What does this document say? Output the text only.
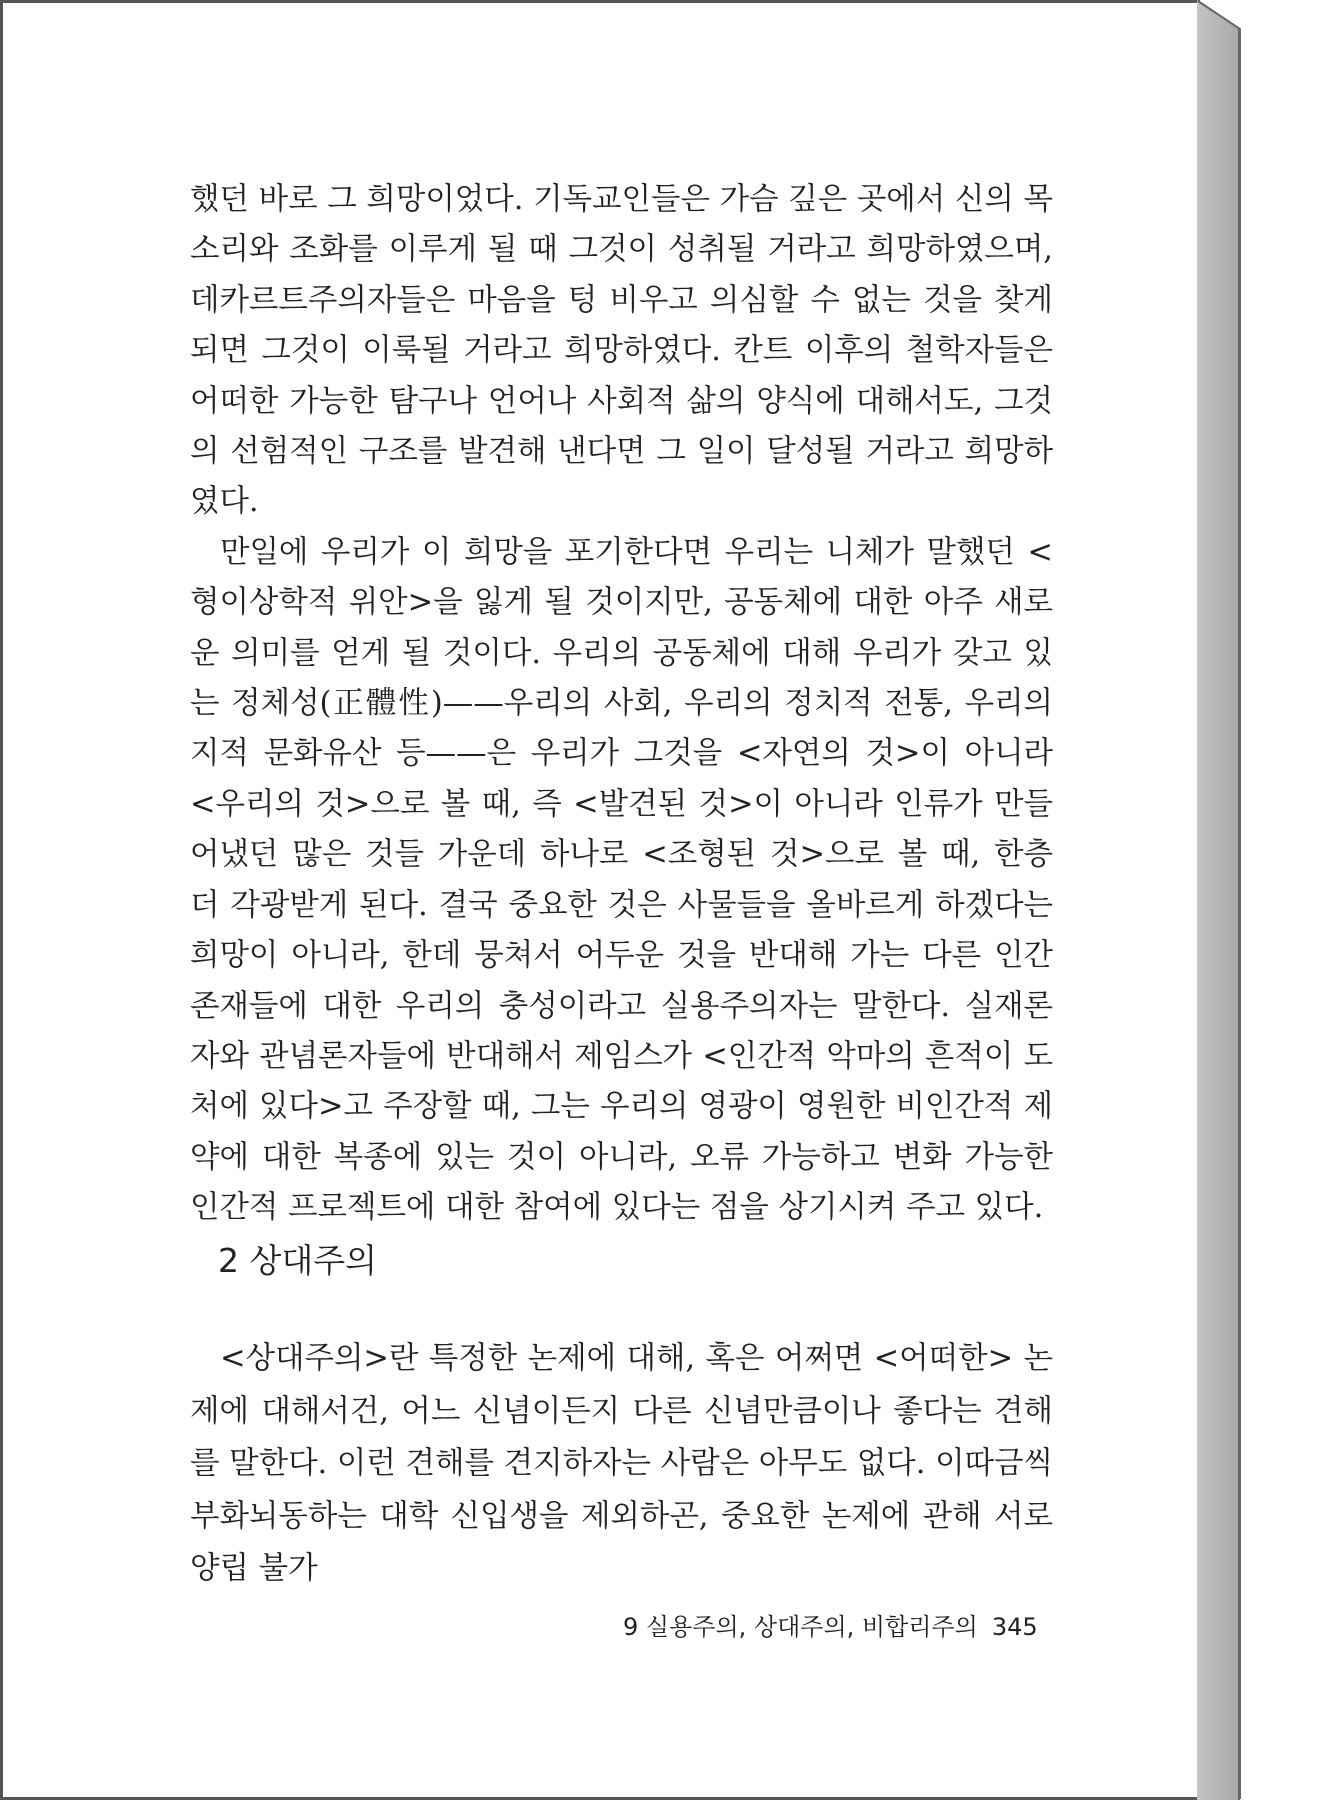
했던 바로 그 희망이었다. 기독교인들은 가슴 깊은 곳에서 신의 목소리와 조화를 이루게 될 때 그것이 성취될 거라고 희망하였으며, 데카르트주의자들은 마음을 텅 비우고 의심할 수 없는 것을 찾게 되면 그것이 이룩될 거라고 희망하였다. 칸트 이후의 철학자들은 어떠한 가능한 탐구나 언어나 사회적 삶의 양식에 대해서도, 그것의 선험적인 구조를 발견해 낸다면 그 일이 달성될 거라고 희망하였다.

만일에 우리가 이 희망을 포기한다면 우리는 니체가 말했던 <형이상학적 위안>을 잃게 될 것이지만, 공동체에 대한 아주 새로운 의미를 얻게 될 것이다. 우리의 공동체에 대해 우리가 갖고 있는 정체성(正體性)——우리의 사회, 우리의 정치적 전통, 우리의 지적 문화유산 등——은 우리가 그것을 <자연의 것>이 아니라 <우리의 것>으로 볼 때, 즉 <발견된 것>이 아니라 인류가 만들어냈던 많은 것들 가운데 하나로 <조형된 것>으로 볼 때, 한층 더 각광받게 된다. 결국 중요한 것은 사물들을 올바르게 하겠다는 희망이 아니라, 한데 뭉쳐서 어두운 것을 반대해 가는 다른 인간 존재들에 대한 우리의 충성이라고 실용주의자는 말한다. 실재론자와 관념론자들에 반대해서 제임스가 <인간적 악마의 흔적이 도처에 있다>고 주장할 때, 그는 우리의 영광이 영원한 비인간적 제약에 대한 복종에 있는 것이 아니라, 오류 가능하고 변화 가능한 인간적 프로젝트에 대한 참여에 있다는 점을 상기시켜 주고 있다.

2 상대주의

<상대주의>란 특정한 논제에 대해, 혹은 어쩌면 <어떠한> 논제에 대해서건, 어느 신념이든지 다른 신념만큼이나 좋다는 견해를 말한다. 이런 견해를 견지하자는 사람은 아무도 없다. 이따금씩 부화뇌동하는 대학 신입생을 제외하곤, 중요한 논제에 관해 서로 양립 불가

9 실용주의, 상대주의, 비합리주의 345
